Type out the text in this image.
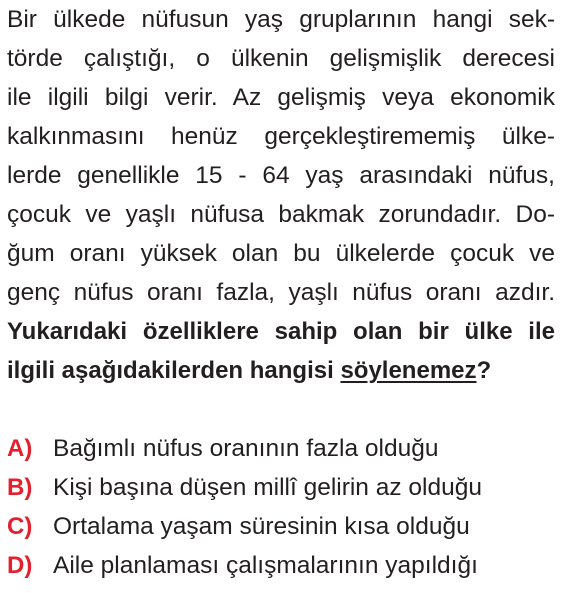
Bir ülkede nüfusun yaş gruplarının hangi sek-
törde çalıştığı, o ülkenin gelişmişlik derecesi
ile ilgili bilgi verir. Az gelişmiş veya ekonomik
kalkınmasını henüz gerçekleştirememiş ülke-
lerde genellikle 15 - 64 yaş arasındaki nüfus,
çocuk ve yaşlı nüfusa bakmak zorundadır. Do-
ğum oranı yüksek olan bu ülkelerde çocuk ve
genç nüfus oranı fazla, yaşlı nüfus oranı azdır.
Yukarıdaki özelliklere sahip olan bir ülke ile
ilgili aşağıdakilerden hangisi söylenemez?
A) Bağımlı nüfus oranının fazla olduğu
B) Kişi başına düşen millî gelirin az olduğu
C) Ortalama yaşam süresinin kısa olduğu
D) Aile planlaması çalışmalarının yapıldığı
